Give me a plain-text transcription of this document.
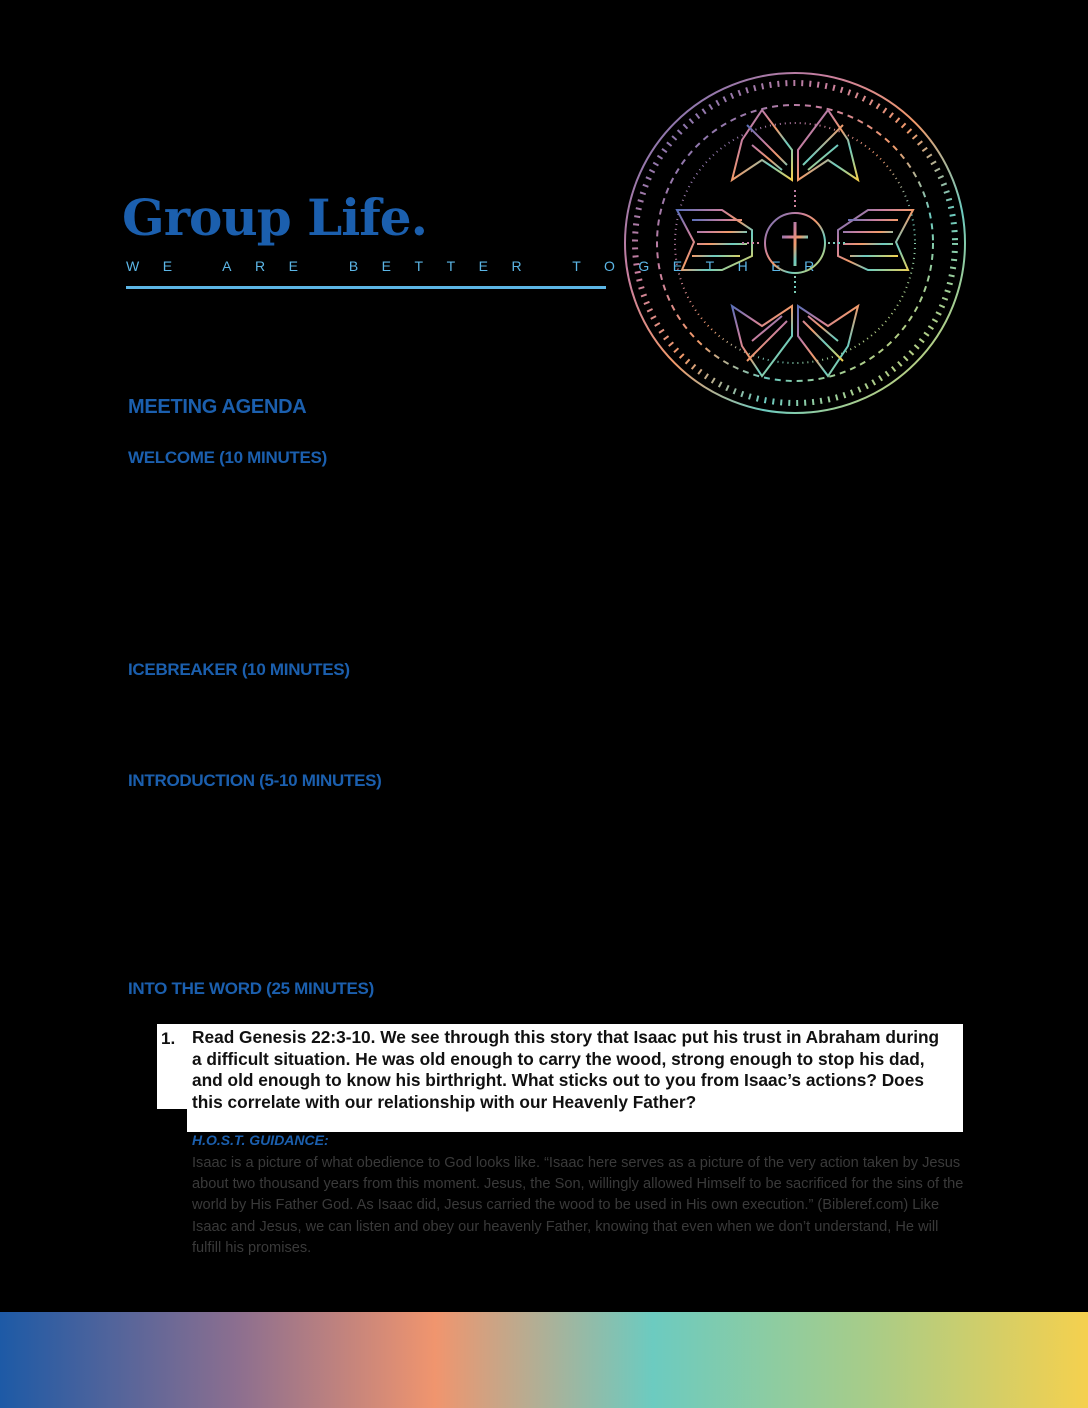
Group Life.
WE ARE BETTER TOGETHER
MEETING AGENDA
WELCOME (10 MINUTES)
ICEBREAKER (10 MINUTES)
INTRODUCTION (5-10 MINUTES)
INTO THE WORD (25 MINUTES)
1. Read Genesis 22:3-10. We see through this story that Isaac put his trust in Abraham during a difficult situation. He was old enough to carry the wood, strong enough to stop his dad, and old enough to know his birthright. What sticks out to you from Isaac’s actions? Does this correlate with our relationship with our Heavenly Father?
H.O.S.T. GUIDANCE:
Isaac is a picture of what obedience to God looks like. “Isaac here serves as a picture of the very action taken by Jesus about two thousand years from this moment. Jesus, the Son, willingly allowed Himself to be sacrificed for the sins of the world by His Father God. As Isaac did, Jesus carried the wood to be used in His own execution.” (Bibleref.com) Like Isaac and Jesus, we can listen and obey our heavenly Father, knowing that even when we don’t understand, He will fulfill his promises.
